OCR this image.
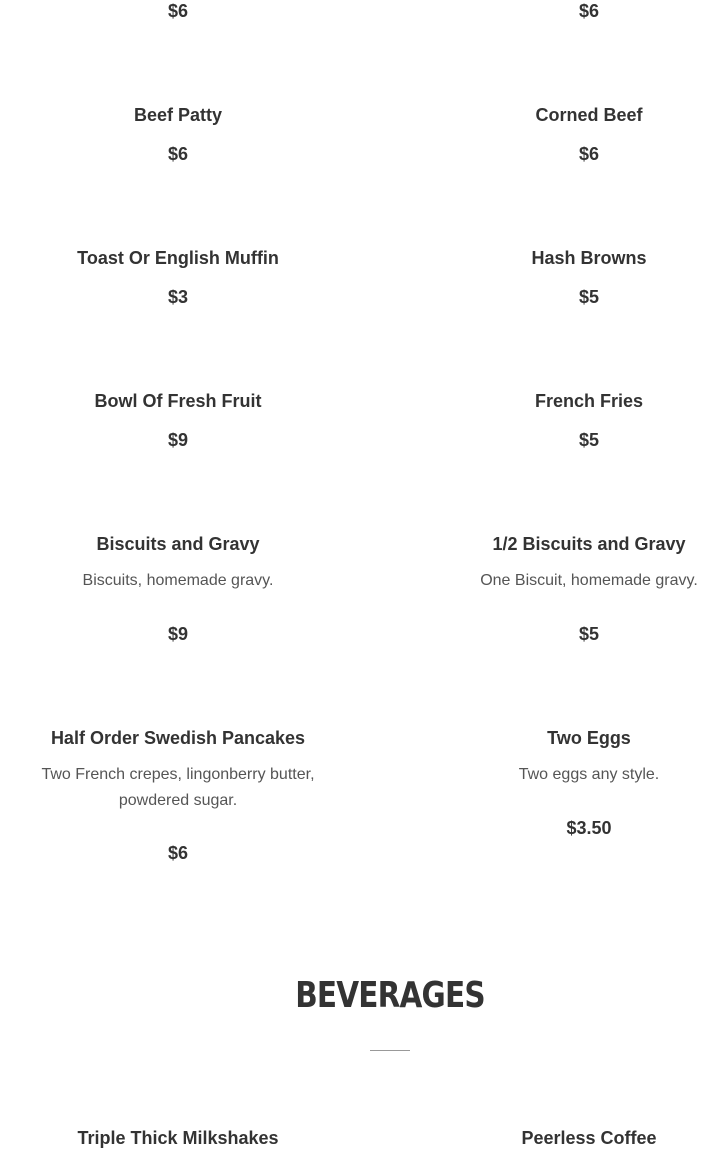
$6	$6
Beef Patty
$6
Corned Beef
$6
Toast Or English Muffin
$3
Hash Browns
$5
Bowl Of Fresh Fruit
$9
French Fries
$5
Biscuits and Gravy
Biscuits, homemade gravy.
$9
1/2 Biscuits and Gravy
One Biscuit, homemade gravy.
$5
Half Order Swedish Pancakes
Two French crepes, lingonberry butter, powdered sugar.
$6
Two Eggs
Two eggs any style.
$3.50
BEVERAGES
Triple Thick Milkshakes	Peerless Coffee
